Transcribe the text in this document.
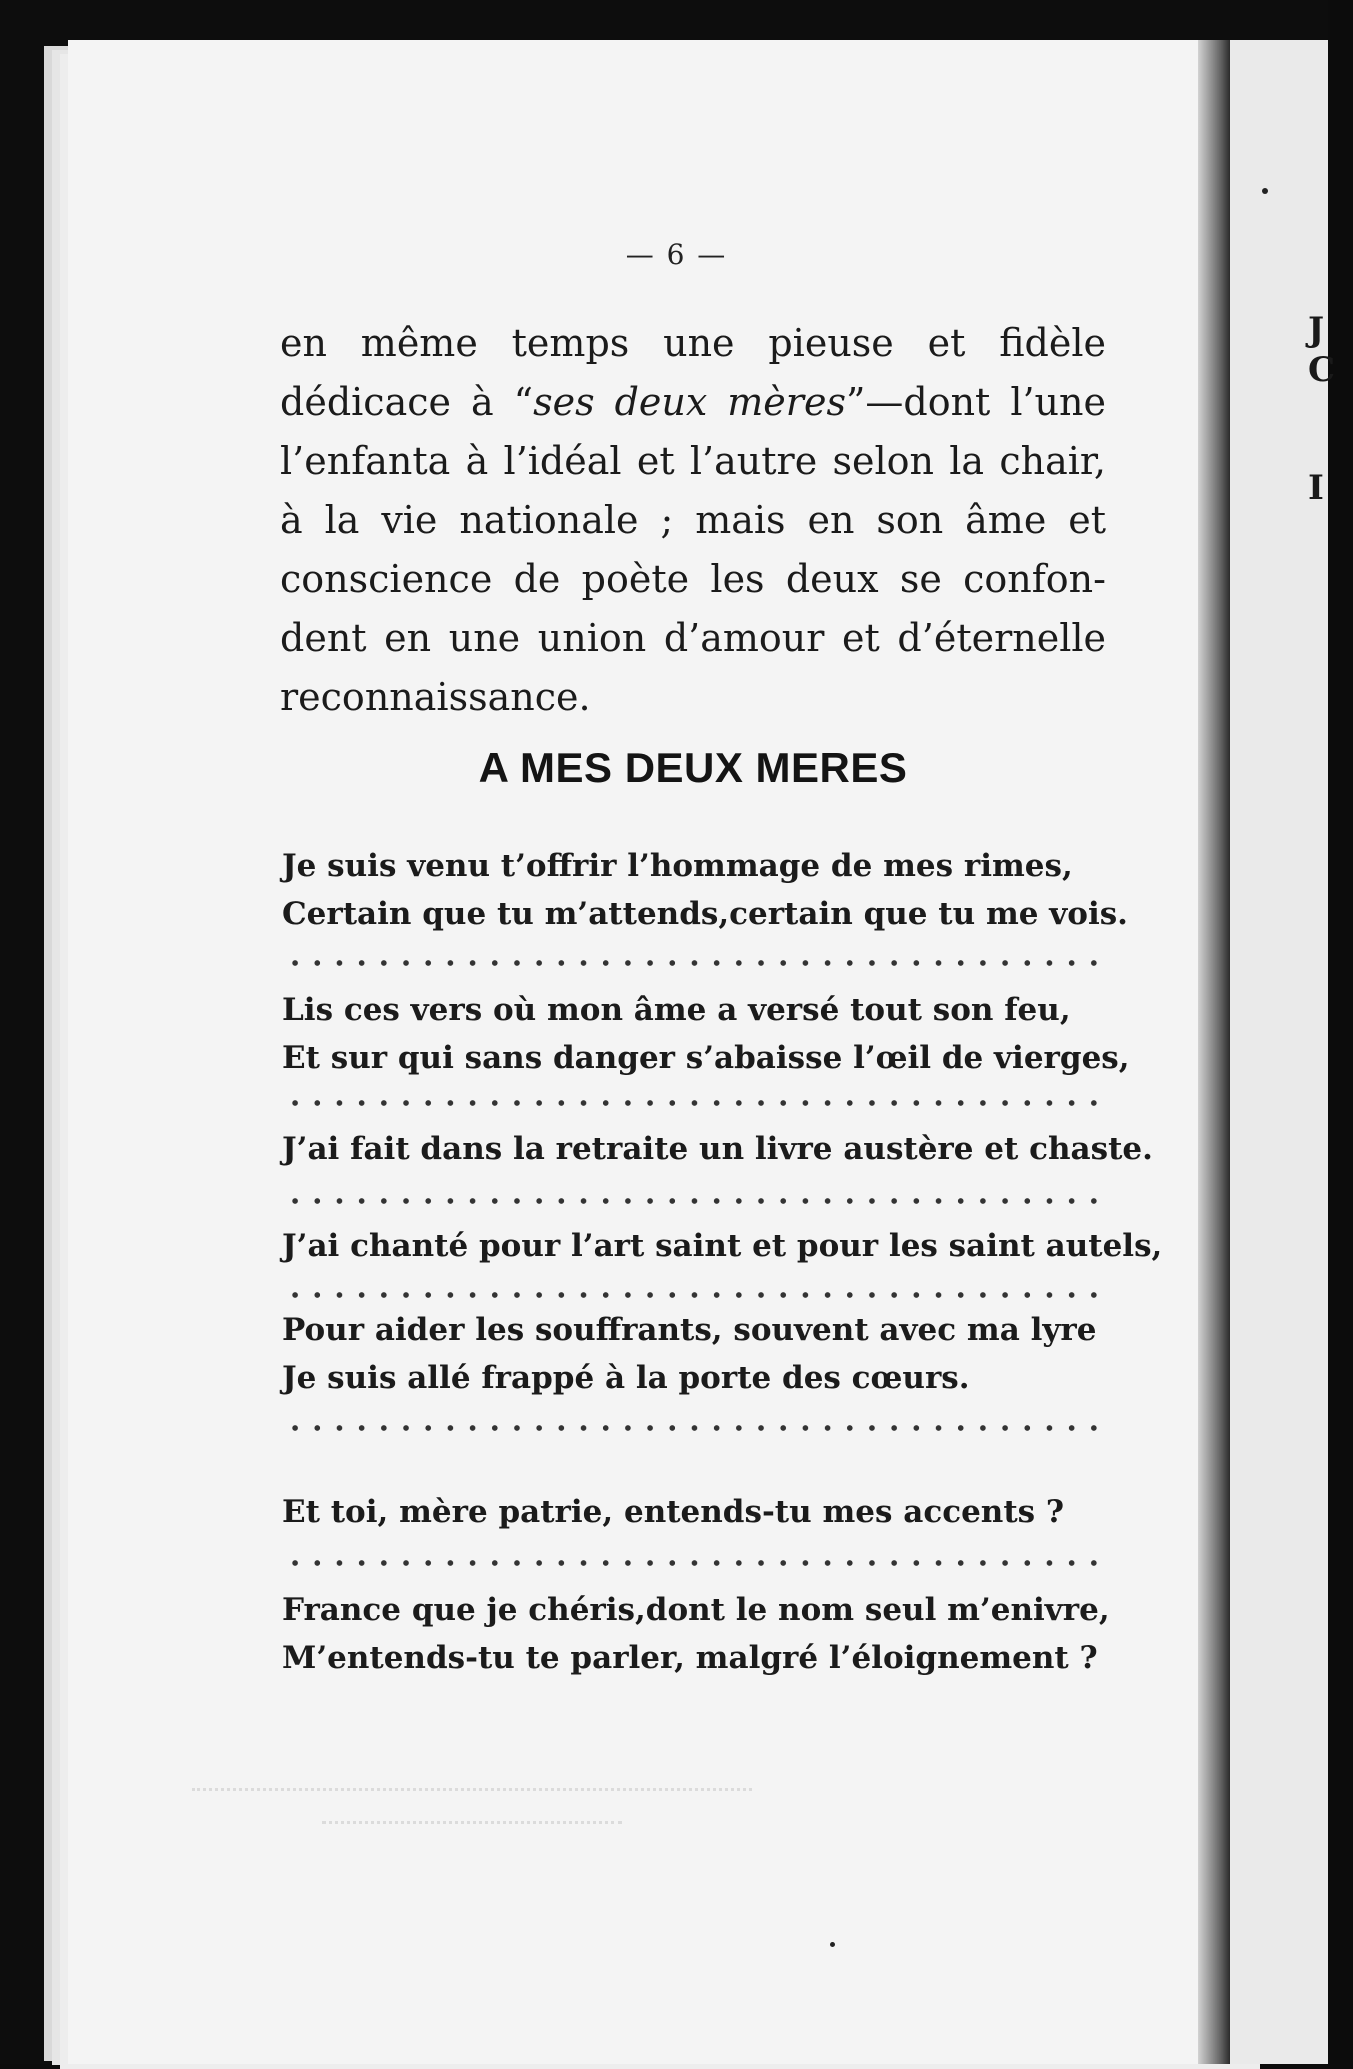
J
C
I
— 6 —
en même temps une pieuse et fidèle
dédicace à “ses deux mères”—dont l’une
l’enfanta à l’idéal et l’autre selon la chair,
à la vie nationale ; mais en son âme et
conscience de poète les deux se confon-
dent en une union d’amour et d’éternelle
reconnaissance.
A MES DEUX MERES
Je suis venu t’offrir l’hommage de mes rimes,
Certain que tu m’attends,certain que tu me vois.
Lis ces vers où mon âme a versé tout son feu,
Et sur qui sans danger s’abaisse l’œil de vierges,
J’ai fait dans la retraite un livre austère et chaste.
J’ai chanté pour l’art saint et pour les saint autels,
Pour aider les souffrants, souvent avec ma lyre
Je suis allé frappé à la porte des cœurs.
Et toi, mère patrie, entends-tu mes accents ?
France que je chéris,dont le nom seul m’enivre,
M’entends-tu te parler, malgré l’éloignement ?
